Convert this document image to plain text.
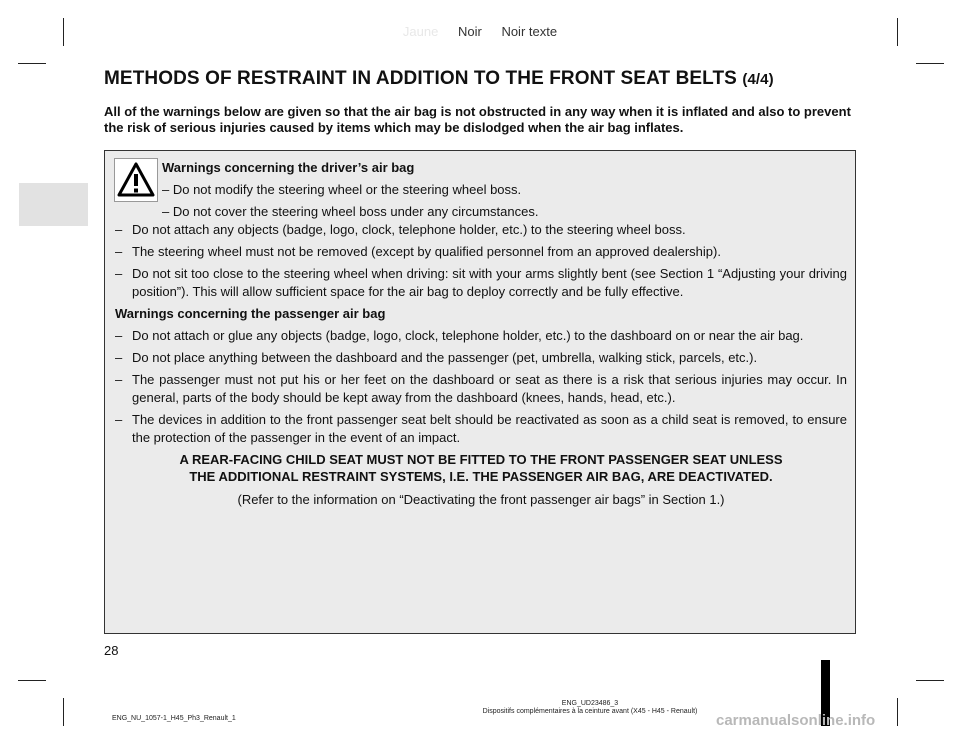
Jaune Noir Noir texte
METHODS OF RESTRAINT IN ADDITION TO THE FRONT SEAT BELTS (4/4)
All of the warnings below are given so that the air bag is not obstructed in any way when it is inflated and also to prevent the risk of serious injuries caused by items which may be dislodged when the air bag inflates.
Warnings concerning the driver’s air bag
– Do not modify the steering wheel or the steering wheel boss.
– Do not cover the steering wheel boss under any circumstances.
– Do not attach any objects (badge, logo, clock, telephone holder, etc.) to the steering wheel boss.
– The steering wheel must not be removed (except by qualified personnel from an approved dealership).
– Do not sit too close to the steering wheel when driving: sit with your arms slightly bent (see Section 1 “Adjusting your driving position”). This will allow sufficient space for the air bag to deploy correctly and be fully effective.
Warnings concerning the passenger air bag
– Do not attach or glue any objects (badge, logo, clock, telephone holder, etc.) to the dashboard on or near the air bag.
– Do not place anything between the dashboard and the passenger (pet, umbrella, walking stick, parcels, etc.).
– The passenger must not put his or her feet on the dashboard or seat as there is a risk that serious injuries may occur. In general, parts of the body should be kept away from the dashboard (knees, hands, head, etc.).
– The devices in addition to the front passenger seat belt should be reactivated as soon as a child seat is removed, to ensure the protection of the passenger in the event of an impact.
A REAR-FACING CHILD SEAT MUST NOT BE FITTED TO THE FRONT PASSENGER SEAT UNLESS
THE ADDITIONAL RESTRAINT SYSTEMS, I.E. THE PASSENGER AIR BAG, ARE DEACTIVATED.
(Refer to the information on “Deactivating the front passenger air bags” in Section 1.)
28
ENG_NU_1057-1_H45_Ph3_Renault_1
ENG_UD23486_3
Dispositifs complémentaires à la ceinture avant (X45 - H45 - Renault)
carmanualsonline.info
